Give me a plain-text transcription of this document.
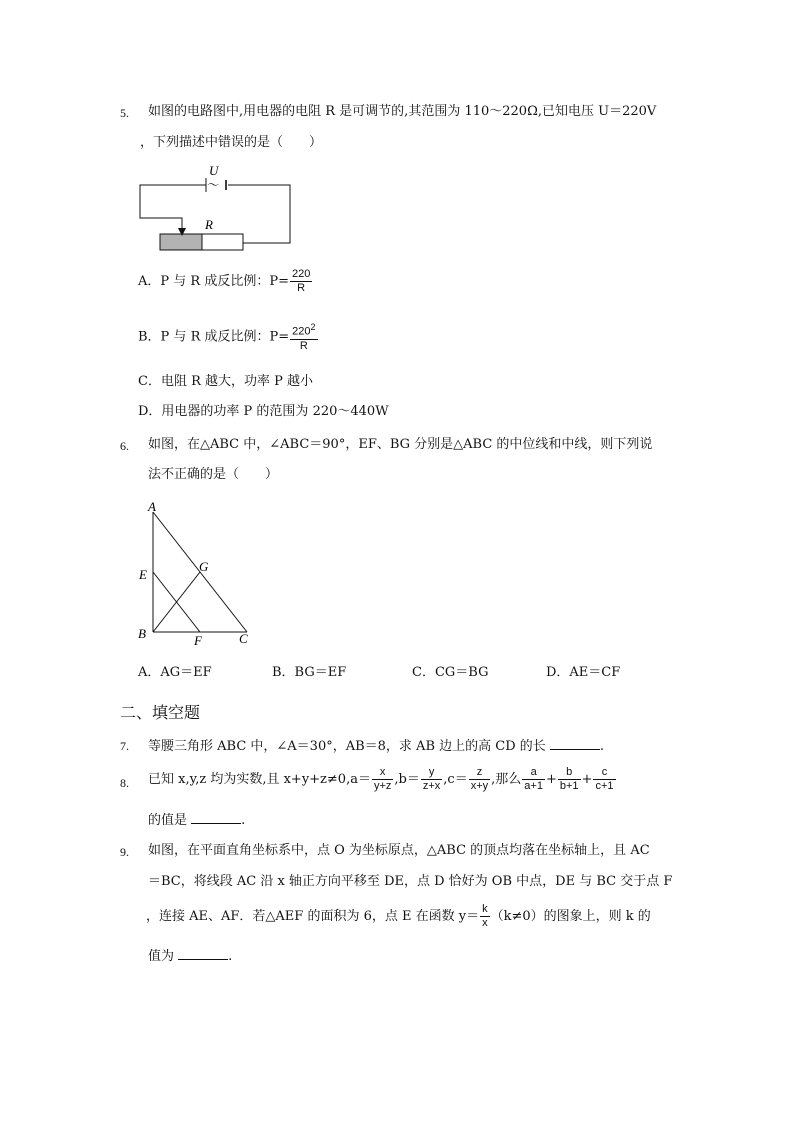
5. 如图的电路图中,用电器的电阻 R 是可调节的,其范围为 110～220Ω,已知电压 U＝220V
，下列描述中错误的是（　　）
U
～
R
A．P 与 R 成反比例：$P= \frac{220}{R}$
B．P 与 R 成反比例：$P= \frac{220^2}{R}$
C．电阻 R 越大，功率 P 越小
D．用电器的功率 P 的范围为 220～440W
6. 如图，在△ABC 中，∠ABC＝90°，EF、BG 分别是△ABC 的中位线和中线，则下列说
法不正确的是（　　）
A
E
G
B	F	C
A．AG＝EF	B．BG＝EF	C．CG＝BG	D．AE＝CF
二、填空题
7. 等腰三角形 ABC 中，∠A＝30°，AB＝8，求 AB 边上的高 CD 的长	.
8. 已知 x,y,z 均为实数,且 $x+y+z\ne 0,a= \frac{x}{y+z} ,b= \frac{y}{z+x} ,c= \frac{z}{x+y}$ ,那么 $\frac{a}{a+1} + \frac{b}{b+1} + \frac{c}{c+1}$
的值是	.
9. 如图，在平面直角坐标系中，点 O 为坐标原点，△ABC 的顶点均落在坐标轴上，且 AC
＝BC，将线段 AC 沿 x 轴正方向平移至 DE，点 D 恰好为 OB 中点，DE 与 BC 交于点 F
，连接 AE、AF．若△AEF 的面积为 6，点 E 在函数 $y= \frac{k}{x} (k\ne 0)$的图象上，则 k 的
值为	.
